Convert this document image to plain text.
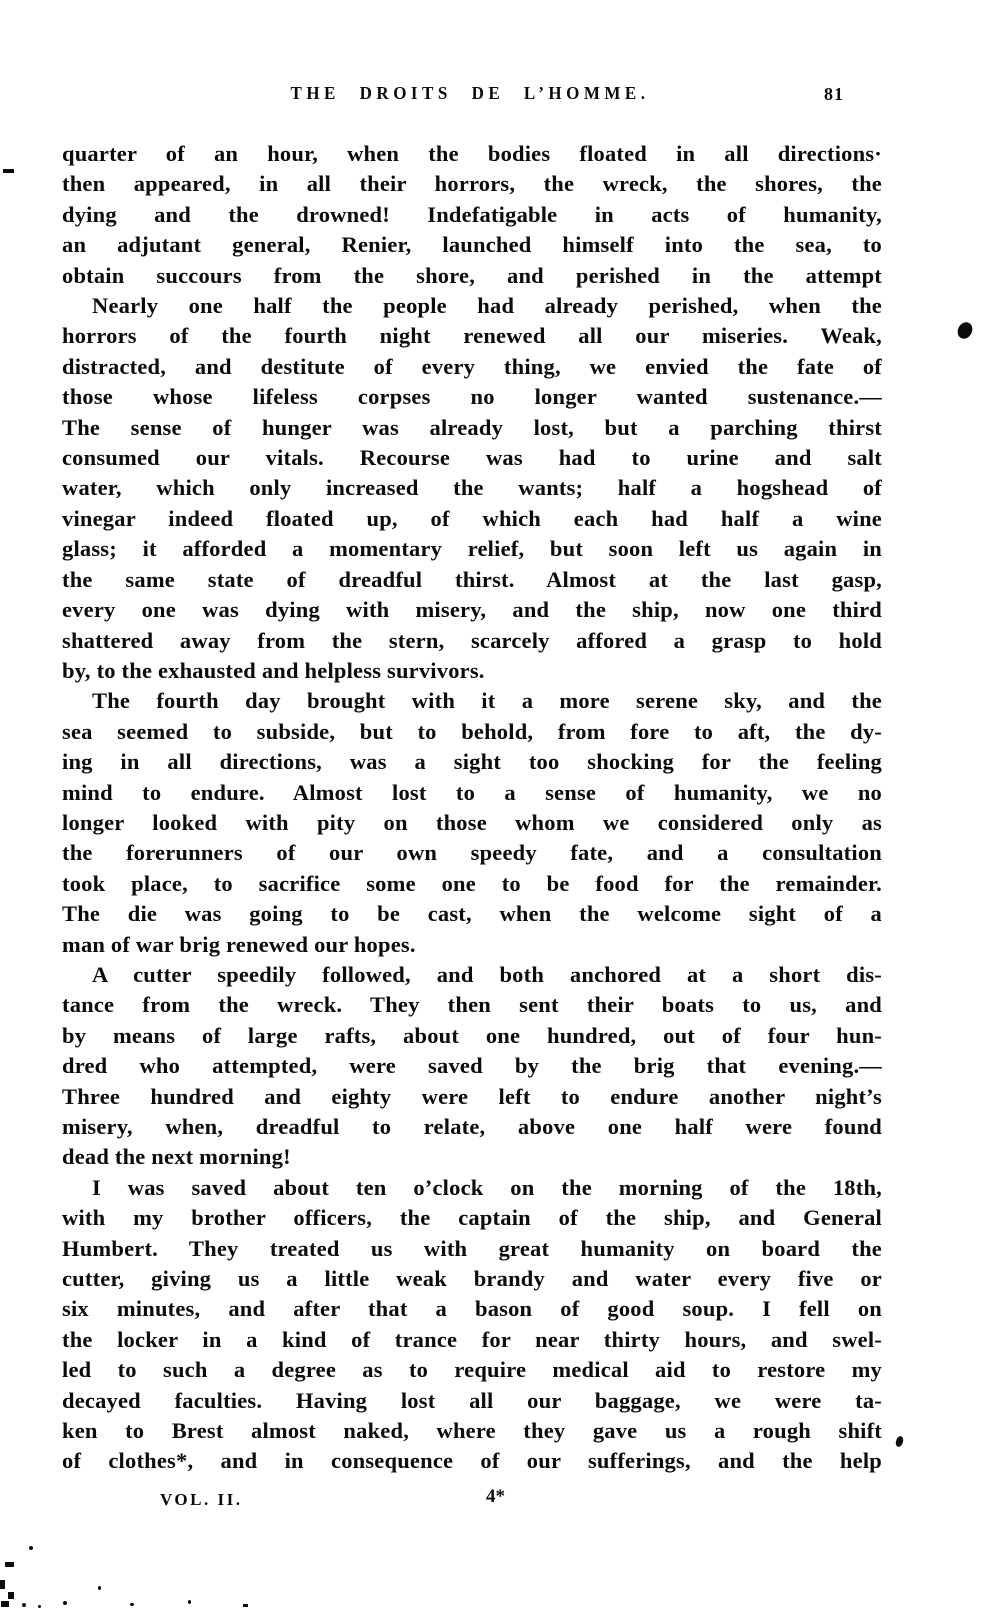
THE DROITS DE L’HOMME.	81
quarter of an hour, when the bodies floated in all directions·
then appeared, in all their horrors, the wreck, the shores, the
dying and the drowned! Indefatigable in acts of humanity,
an adjutant general, Renier, launched himself into the sea, to
obtain succours from the shore, and perished in the attempt
Nearly one half the people had already perished, when the
horrors of the fourth night renewed all our miseries. Weak,
distracted, and destitute of every thing, we envied the fate of
those whose lifeless corpses no longer wanted sustenance.—
The sense of hunger was already lost, but a parching thirst
consumed our vitals. Recourse was had to urine and salt
water, which only increased the wants; half a hogshead of
vinegar indeed floated up, of which each had half a wine
glass; it afforded a momentary relief, but soon left us again in
the same state of dreadful thirst. Almost at the last gasp,
every one was dying with misery, and the ship, now one third
shattered away from the stern, scarcely affored a grasp to hold
by, to the exhausted and helpless survivors.
The fourth day brought with it a more serene sky, and the
sea seemed to subside, but to behold, from fore to aft, the dy-
ing in all directions, was a sight too shocking for the feeling
mind to endure. Almost lost to a sense of humanity, we no
longer looked with pity on those whom we considered only as
the forerunners of our own speedy fate, and a consultation
took place, to sacrifice some one to be food for the remainder.
The die was going to be cast, when the welcome sight of a
man of war brig renewed our hopes.
A cutter speedily followed, and both anchored at a short dis-
tance from the wreck. They then sent their boats to us, and
by means of large rafts, about one hundred, out of four hun-
dred who attempted, were saved by the brig that evening.—
Three hundred and eighty were left to endure another night’s
misery, when, dreadful to relate, above one half were found
dead the next morning!
I was saved about ten o’clock on the morning of the 18th,
with my brother officers, the captain of the ship, and General
Humbert. They treated us with great humanity on board the
cutter, giving us a little weak brandy and water every five or
six minutes, and after that a bason of good soup. I fell on
the locker in a kind of trance for near thirty hours, and swel-
led to such a degree as to require medical aid to restore my
decayed faculties. Having lost all our baggage, we were ta-
ken to Brest almost naked, where they gave us a rough shift
of clothes*, and in consequence of our sufferings, and the help
VOL. II.	4*
